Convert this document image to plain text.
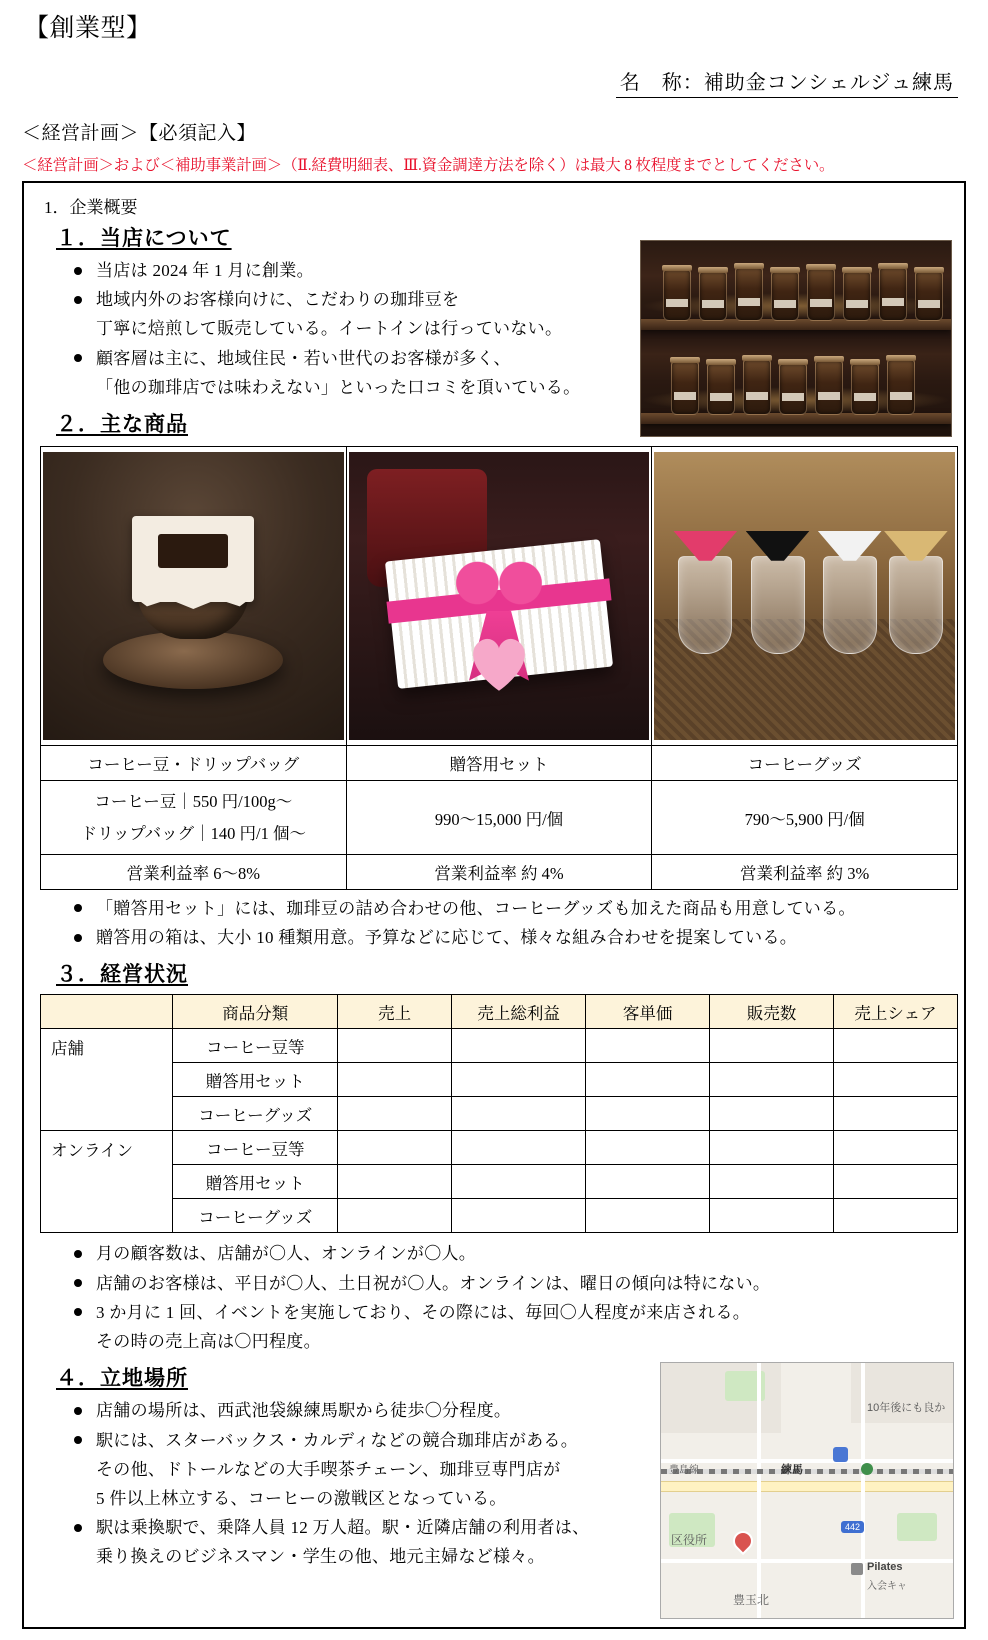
【創業型】
名　称：補助金コンシェルジュ練馬
＜経営計画＞【必須記入】
＜経営計画＞および＜補助事業計画＞（Ⅱ.経費明細表、Ⅲ.資金調達方法を除く）は最大 8 枚程度までとしてください。
1．企業概要
１．当店について
当店は 2024 年 1 月に創業。
地域内外のお客様向けに、こだわりの珈琲豆を
丁寧に焙煎して販売している。イートインは行っていない。
顧客層は主に、地域住民・若い世代のお客様が多く、
「他の珈琲店では味わえない」といった口コミを頂いている。
２．主な商品

コーヒー豆・ドリップバッグ	贈答用セット	コーヒーグッズ
コーヒー豆｜550 円/100g～
ドリップバッグ｜140 円/1 個～	990～15,000 円/個	790～5,900 円/個
営業利益率 6～8%	営業利益率 約 4%	営業利益率 約 3%
「贈答用セット」には、珈琲豆の詰め合わせの他、コーヒーグッズも加えた商品も用意している。
贈答用の箱は、大小 10 種類用意。予算などに応じて、様々な組み合わせを提案している。
３．経営状況
	商品分類	売上	売上総利益	客単価	販売数	売上シェア
店舗	コーヒー豆等					
	贈答用セット					
	コーヒーグッズ					
オンライン	コーヒー豆等					
	贈答用セット					
	コーヒーグッズ					
月の顧客数は、店舗が〇人、オンラインが〇人。
店舗のお客様は、平日が〇人、土日祝が〇人。オンラインは、曜日の傾向は特にない。
3 か月に 1 回、イベントを実施しており、その際には、毎回〇人程度が来店される。
その時の売上高は〇円程度。
４．立地場所
店舗の場所は、西武池袋線練馬駅から徒歩〇分程度。
駅には、スターバックス・カルディなどの競合珈琲店がある。
その他、ドトールなどの大手喫茶チェーン、珈琲豆専門店が
5 件以上林立する、コーヒーの激戦区となっている。
駅は乗換駅で、乗降人員 12 万人超。駅・近隣店舗の利用者は、
乗り換えのビジネスマン・学生の他、地元主婦など様々。
10年後にも良か
豊島線	練馬
区役所
442
Pilates
入会キャ
豊玉北
